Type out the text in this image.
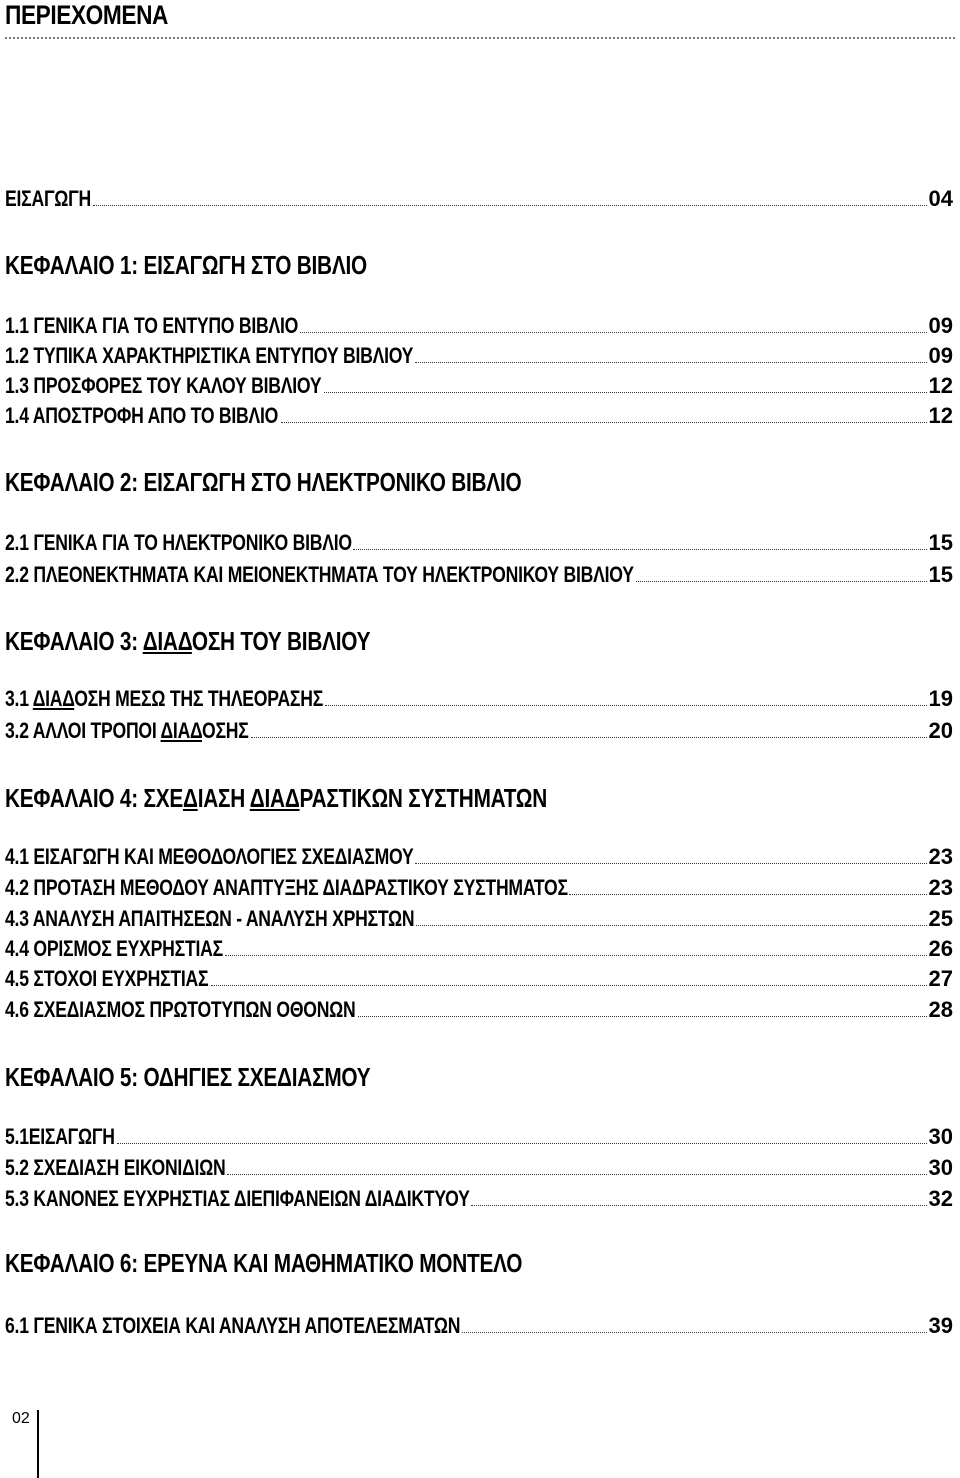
ΠΕΡΙΕΧΟΜΕΝΑ
ΕΙΣΑΓΩΓΗ	04
ΚΕΦΑΛΑΙΟ 1: ΕΙΣΑΓΩΓΗ ΣΤΟ ΒΙΒΛΙΟ
1.1 ΓΕΝΙΚΑ ΓΙΑ ΤΟ ΕΝΤΥΠΟ ΒΙΒΛΙΟ	09
1.2 ΤΥΠΙΚΑ ΧΑΡΑΚΤΗΡΙΣΤΙΚΑ ΕΝΤΥΠΟΥ ΒΙΒΛΙΟΥ	09
1.3 ΠΡΟΣΦΟΡΕΣ ΤΟΥ ΚΑΛΟΥ ΒΙΒΛΙΟΥ	12
1.4 ΑΠΟΣΤΡΟΦΗ ΑΠΟ ΤΟ ΒΙΒΛΙΟ	12
ΚΕΦΑΛΑΙΟ 2: ΕΙΣΑΓΩΓΗ ΣΤΟ ΗΛΕΚΤΡΟΝΙΚΟ ΒΙΒΛΙΟ
2.1 ΓΕΝΙΚΑ ΓΙΑ ΤΟ ΗΛΕΚΤΡΟΝΙΚΟ ΒΙΒΛΙΟ	15
2.2 ΠΛΕΟΝΕΚΤΗΜΑΤΑ ΚΑΙ ΜΕΙΟΝΕΚΤΗΜΑΤΑ ΤΟΥ ΗΛΕΚΤΡΟΝΙΚΟΥ ΒΙΒΛΙΟΥ	15
ΚΕΦΑΛΑΙΟ 3: ΔΙΑΔΟΣΗ ΤΟΥ ΒΙΒΛΙΟΥ
3.1 ΔΙΑΔΟΣΗ ΜΕΣΩ ΤΗΣ ΤΗΛΕΟΡΑΣΗΣ	19
3.2 ΑΛΛΟΙ ΤΡΟΠΟΙ ΔΙΑΔΟΣΗΣ	20
ΚΕΦΑΛΑΙΟ 4: ΣΧΕΔΙΑΣΗ ΔΙΑΔΡΑΣΤΙΚΩΝ ΣΥΣΤΗΜΑΤΩΝ
4.1 ΕΙΣΑΓΩΓΗ ΚΑΙ ΜΕΘΟΔΟΛΟΓΙΕΣ ΣΧΕΔΙΑΣΜΟΥ	23
4.2 ΠΡΟΤΑΣΗ ΜΕΘΟΔΟΥ ΑΝΑΠΤΥΞΗΣ ΔΙΑΔΡΑΣΤΙΚΟΥ ΣΥΣΤΗΜΑΤΟΣ	23
4.3 ΑΝΑΛΥΣΗ ΑΠΑΙΤΗΣΕΩΝ - ΑΝΑΛΥΣΗ ΧΡΗΣΤΩΝ	25
4.4 ΟΡΙΣΜΟΣ ΕΥΧΡΗΣΤΙΑΣ	26
4.5 ΣΤΟΧΟΙ ΕΥΧΡΗΣΤΙΑΣ	27
4.6 ΣΧΕΔΙΑΣΜΟΣ ΠΡΩΤΟΤΥΠΩΝ ΟΘΟΝΩΝ	28
ΚΕΦΑΛΑΙΟ 5: ΟΔΗΓΙΕΣ ΣΧΕΔΙΑΣΜΟΥ
5.1ΕΙΣΑΓΩΓΗ	30
5.2 ΣΧΕΔΙΑΣΗ ΕΙΚΟΝΙΔΙΩΝ	30
5.3 ΚΑΝΟΝΕΣ ΕΥΧΡΗΣΤΙΑΣ ΔΙΕΠΙΦΑΝΕΙΩΝ ΔΙΑΔΙΚΤΥΟΥ	32
ΚΕΦΑΛΑΙΟ 6: ΕΡΕΥΝΑ ΚΑΙ ΜΑΘΗΜΑΤΙΚΟ ΜΟΝΤΕΛΟ
6.1 ΓΕΝΙΚΑ ΣΤΟΙΧΕΙΑ ΚΑΙ ΑΝΑΛΥΣΗ ΑΠΟΤΕΛΕΣΜΑΤΩΝ	39
02
